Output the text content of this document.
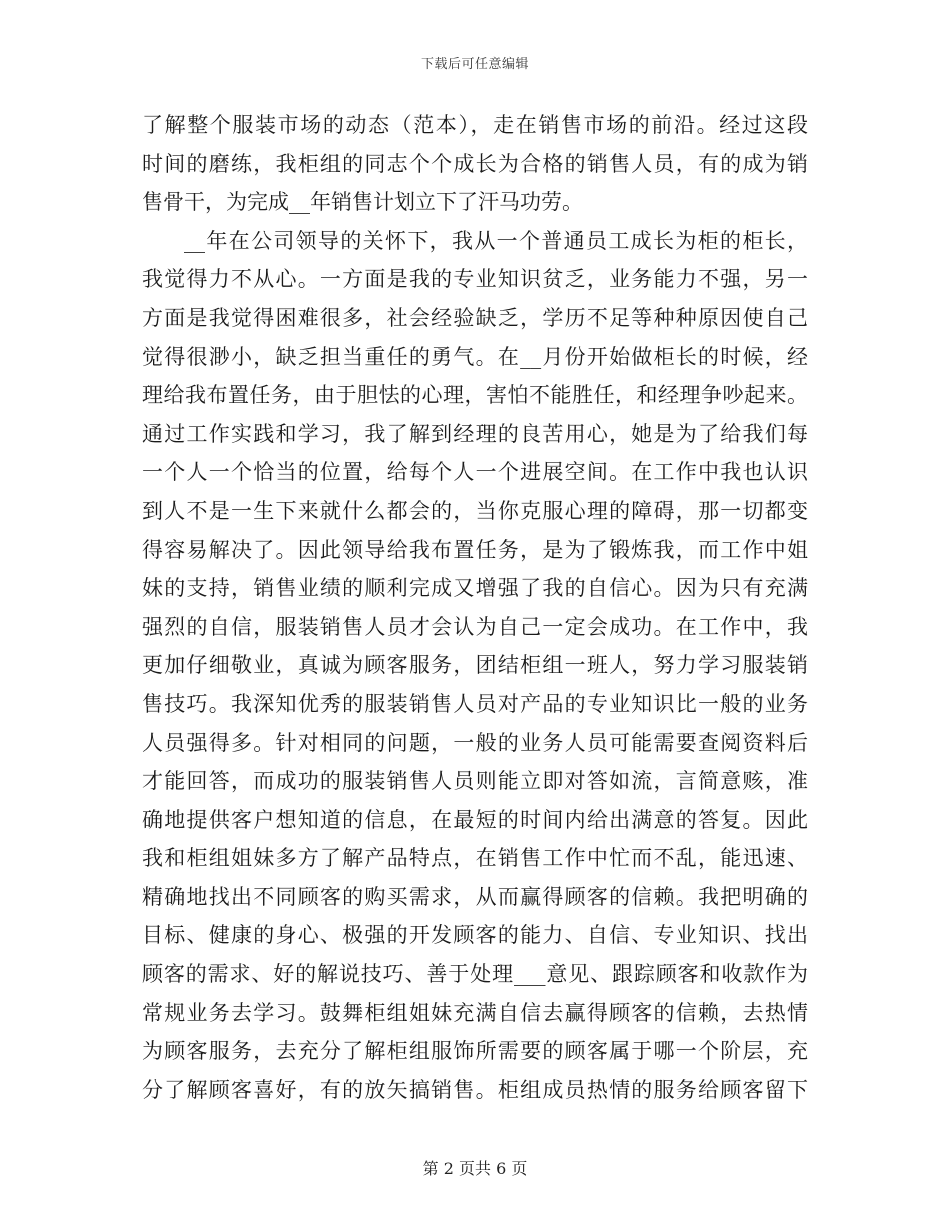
下载后可任意编辑
了解整个服装市场的动态（范本），走在销售市场的前沿。经过这段
时间的磨练，我柜组的同志个个成长为合格的销售人员，有的成为销
售骨干，为完成__年销售计划立下了汗马功劳。
__年在公司领导的关怀下，我从一个普通员工成长为柜的柜长，
我觉得力不从心。一方面是我的专业知识贫乏，业务能力不强，另一
方面是我觉得困难很多，社会经验缺乏，学历不足等种种原因使自己
觉得很渺小，缺乏担当重任的勇气。在__月份开始做柜长的时候，经
理给我布置任务，由于胆怯的心理，害怕不能胜任，和经理争吵起来。
通过工作实践和学习，我了解到经理的良苦用心，她是为了给我们每
一个人一个恰当的位置，给每个人一个进展空间。在工作中我也认识
到人不是一生下来就什么都会的，当你克服心理的障碍，那一切都变
得容易解决了。因此领导给我布置任务，是为了锻炼我，而工作中姐
妹的支持，销售业绩的顺利完成又增强了我的自信心。因为只有充满
强烈的自信，服装销售人员才会认为自己一定会成功。在工作中，我
更加仔细敬业，真诚为顾客服务，团结柜组一班人，努力学习服装销
售技巧。我深知优秀的服装销售人员对产品的专业知识比一般的业务
人员强得多。针对相同的问题，一般的业务人员可能需要查阅资料后
才能回答，而成功的服装销售人员则能立即对答如流，言简意赅，准
确地提供客户想知道的信息，在最短的时间内给出满意的答复。因此
我和柜组姐妹多方了解产品特点，在销售工作中忙而不乱，能迅速、
精确地找出不同顾客的购买需求，从而赢得顾客的信赖。我把明确的
目标、健康的身心、极强的开发顾客的能力、自信、专业知识、找出
顾客的需求、好的解说技巧、善于处理___意见、跟踪顾客和收款作为
常规业务去学习。鼓舞柜组姐妹充满自信去赢得顾客的信赖，去热情
为顾客服务，去充分了解柜组服饰所需要的顾客属于哪一个阶层，充
分了解顾客喜好，有的放矢搞销售。柜组成员热情的服务给顾客留下
第 2 页共 6 页
